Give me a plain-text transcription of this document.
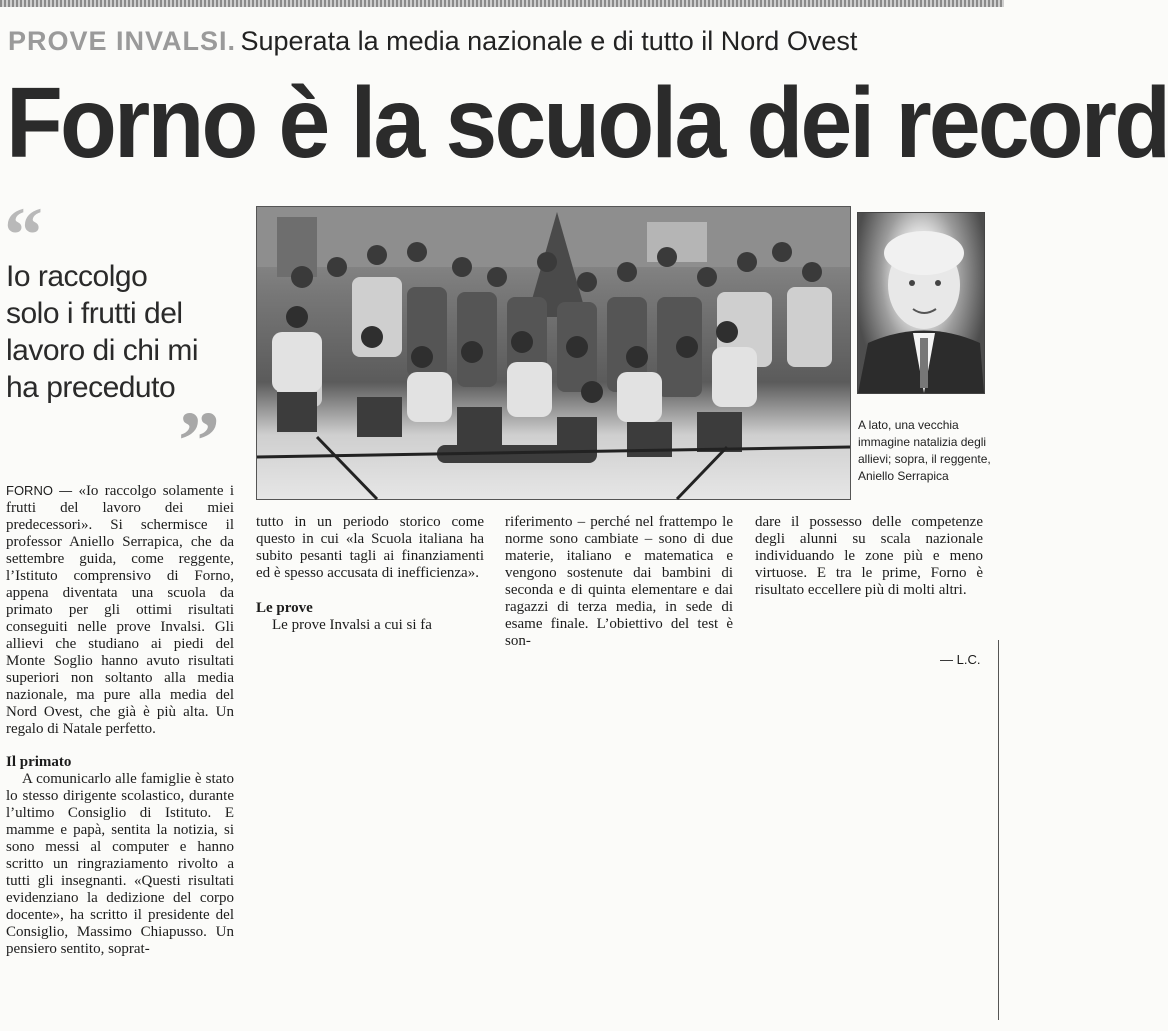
PROVE INVALSI. Superata la media nazionale e di tutto il Nord Ovest
Forno è la scuola dei record
“

Io raccolgo solo i frutti del lavoro di chi mi ha preceduto

”	A lato, una vecchia immagine natalizia degli allievi; sopra, il reggente, Aniello Serrapica

FORNO — «Io raccolgo solamente i frutti del lavoro dei miei predecessori». Si schermisce il professor Aniello Serrapica, che da settembre guida, come reggente, l’Istituto comprensivo di Forno, appena diventata una scuola da primato per gli ottimi risultati conseguiti nelle prove Invalsi. Gli allievi che studiano ai piedi del Monte Soglio hanno avuto risultati superiori non soltanto alla media nazionale, ma pure alla media del Nord Ovest, che già è più alta. Un regalo di Natale perfetto.

Il primato

A comunicarlo alle famiglie è stato lo stesso dirigente scolastico, durante l’ultimo Consiglio di Istituto. E mamme e papà, sentita la notizia, si sono messi al computer e hanno scritto un ringraziamento rivolto a tutti gli insegnanti. «Questi risultati evidenziano la dedizione del corpo docente», ha scritto il presidente del Consiglio, Massimo Chiapusso. Un pensiero sentito, soprat-

tutto in un periodo storico come questo in cui «la Scuola italiana ha subito pesanti tagli ai finanziamenti ed è spesso accusata di inefficienza».

Le prove

Le prove Invalsi a cui si fa

riferimento – perché nel frattempo le norme sono cambiate – sono di due materie, italiano e matematica e vengono sostenute dai bambini di seconda e di quinta elementare e dai ragazzi di terza media, in sede di esame finale. L’obiettivo del test è son-

dare il possesso delle competenze degli alunni su scala nazionale individuando le zone più e meno virtuose. E tra le prime, Forno è risultato eccellere più di molti altri.

— L.C.
